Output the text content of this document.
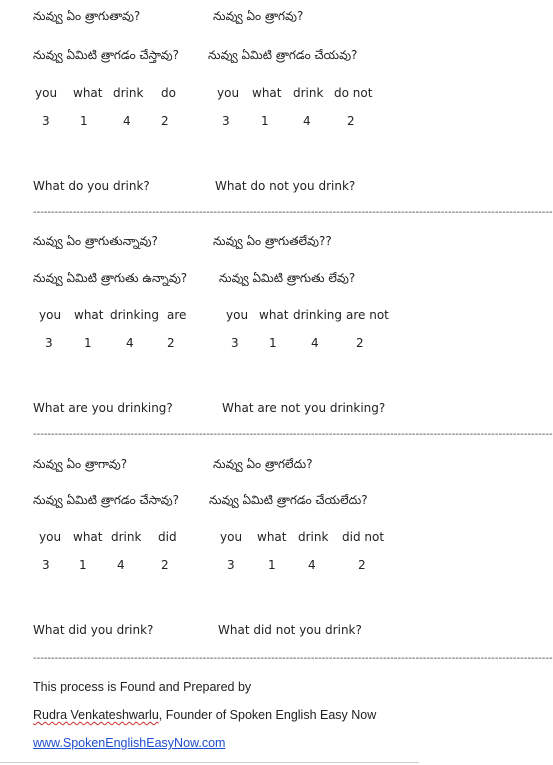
నువ్వు ఏం త్రాగుతావు?	నువ్వు ఏం త్రాగవు?
నువ్వు ఏమిటి త్రాగడం చేస్తావు? నువ్వు ఏమిటి త్రాగడం చేయవు?
you what drink do	you what drink do not
3	1	4	2	3	1	4	2
What do you drink?	What do not you drink?
------------------------------------------------------------------------------------------------------------------------------------------------
నువ్వు ఏం త్రాగుతున్నావు?	నువ్వు ఏం త్రాగుతలేవు??
నువ్వు ఏమిటి త్రాగుతు ఉన్నావు?	నువ్వు ఏమిటి త్రాగుతు లేవు?
you what drinking are	you what drinking are not
3	1	4	2	3	1	4	2
What are you drinking?	What are not you drinking?
------------------------------------------------------------------------------------------------------------------------------------------------
నువ్వు ఏం త్రాగావు?	నువ్వు ఏం త్రాగలేదు?
నువ్వు ఏమిటి త్రాగడం చేసావు?	నువ్వు ఏమిటి త్రాగడం చేయలేదు?
you what drink did	you what drink did not
3 1	4	2	3	1	4	2
What did you drink?	What did not you drink?
------------------------------------------------------------------------------------------------------------------------------------------------
This process is Found and Prepared by
Rudra Venkateshwarlu, Founder of Spoken English Easy Now
www.SpokenEnglishEasyNow.com
